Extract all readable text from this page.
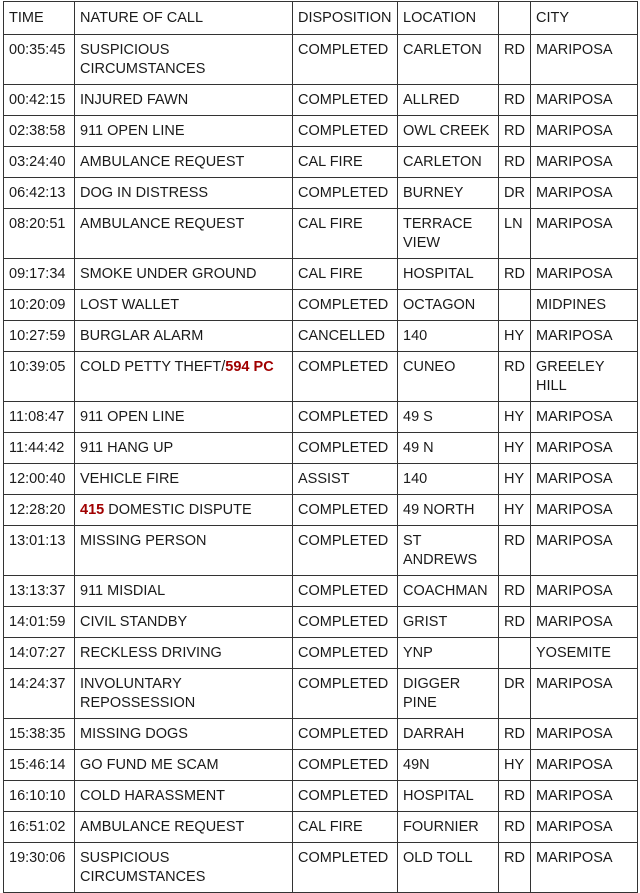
TIME	NATURE OF CALL	DISPOSITION	LOCATION		CITY
00:35:45	SUSPICIOUS CIRCUMSTANCES	COMPLETED	CARLETON	RD	MARIPOSA
00:42:15	INJURED FAWN	COMPLETED	ALLRED	RD	MARIPOSA
02:38:58	911 OPEN LINE	COMPLETED	OWL CREEK	RD	MARIPOSA
03:24:40	AMBULANCE REQUEST	CAL FIRE	CARLETON	RD	MARIPOSA
06:42:13	DOG IN DISTRESS	COMPLETED	BURNEY	DR	MARIPOSA
08:20:51	AMBULANCE REQUEST	CAL FIRE	TERRACE VIEW	LN	MARIPOSA
09:17:34	SMOKE UNDER GROUND	CAL FIRE	HOSPITAL	RD	MARIPOSA
10:20:09	LOST WALLET	COMPLETED	OCTAGON		MIDPINES
10:27:59	BURGLAR ALARM	CANCELLED	140	HY	MARIPOSA
10:39:05	COLD PETTY THEFT/594 PC	COMPLETED	CUNEO	RD	GREELEY HILL
11:08:47	911 OPEN LINE	COMPLETED	49 S	HY	MARIPOSA
11:44:42	911 HANG UP	COMPLETED	49 N	HY	MARIPOSA
12:00:40	VEHICLE FIRE	ASSIST	140	HY	MARIPOSA
12:28:20	415 DOMESTIC DISPUTE	COMPLETED	49 NORTH	HY	MARIPOSA
13:01:13	MISSING PERSON	COMPLETED	ST ANDREWS	RD	MARIPOSA
13:13:37	911 MISDIAL	COMPLETED	COACHMAN	RD	MARIPOSA
14:01:59	CIVIL STANDBY	COMPLETED	GRIST	RD	MARIPOSA
14:07:27	RECKLESS DRIVING	COMPLETED	YNP		YOSEMITE
14:24:37	INVOLUNTARY REPOSSESSION	COMPLETED	DIGGER PINE	DR	MARIPOSA
15:38:35	MISSING DOGS	COMPLETED	DARRAH	RD	MARIPOSA
15:46:14	GO FUND ME SCAM	COMPLETED	49N	HY	MARIPOSA
16:10:10	COLD HARASSMENT	COMPLETED	HOSPITAL	RD	MARIPOSA
16:51:02	AMBULANCE REQUEST	CAL FIRE	FOURNIER	RD	MARIPOSA
19:30:06	SUSPICIOUS CIRCUMSTANCES	COMPLETED	OLD TOLL	RD	MARIPOSA
